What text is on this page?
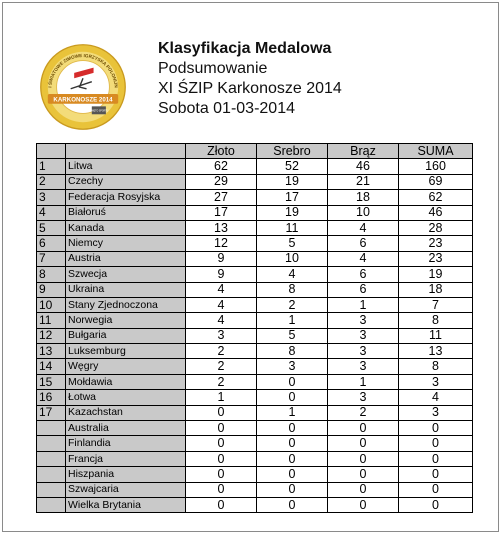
I ŚWIATOWE ZIMOWE IGRZYSKA POLONIJN
KARKONOSZE 2014
ŚWIĘTO SPORTU
Klasyfikacja Medalowa
Podsumowanie
XI ŚZIP Karkonosze 2014
Sobota 01-03-2014
		Złoto	Srebro	Brąz	SUMA
1	Litwa	62	52	46	160
2	Czechy	29	19	21	69
3	Federacja Rosyjska	27	17	18	62
4	Białoruś	17	19	10	46
5	Kanada	13	11	4	28
6	Niemcy	12	5	6	23
7	Austria	9	10	4	23
8	Szwecja	9	4	6	19
9	Ukraina	4	8	6	18
10	Stany Zjednoczona	4	2	1	7
11	Norwegia	4	1	3	8
12	Bułgaria	3	5	3	11
13	Luksemburg	2	8	3	13
14	Węgry	2	3	3	8
15	Mołdawia	2	0	1	3
16	Łotwa	1	0	3	4
17	Kazachstan	0	1	2	3
	Australia	0	0	0	0
	Finlandia	0	0	0	0
	Francja	0	0	0	0
	Hiszpania	0	0	0	0
	Szwajcaria	0	0	0	0
	Wielka Brytania	0	0	0	0
